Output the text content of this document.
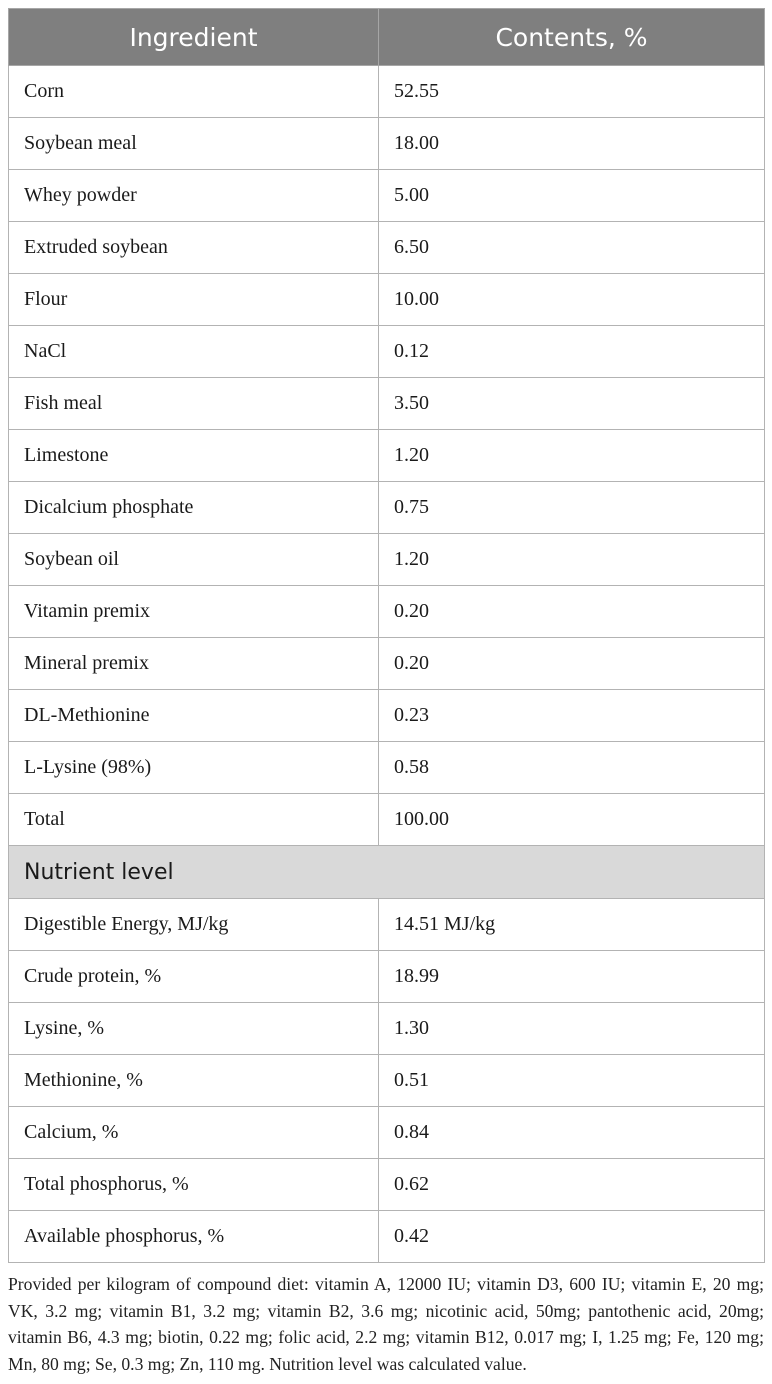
Ingredient	Contents, %
Corn	52.55
Soybean meal	18.00
Whey powder	5.00
Extruded soybean	6.50
Flour	10.00
NaCl	0.12
Fish meal	3.50
Limestone	1.20
Dicalcium phosphate	0.75
Soybean oil	1.20
Vitamin premix	0.20
Mineral premix	0.20
DL-Methionine	0.23
L-Lysine (98%)	0.58
Total	100.00
Nutrient level	
Digestible Energy, MJ/kg	14.51 MJ/kg
Crude protein, %	18.99
Lysine, %	1.30
Methionine, %	0.51
Calcium, %	0.84
Total phosphorus, %	0.62
Available phosphorus, %	0.42
Provided per kilogram of compound diet: vitamin A, 12000 IU; vitamin D3, 600 IU; vitamin E, 20 mg; VK, 3.2 mg; vitamin B1, 3.2 mg; vitamin B2, 3.6 mg; nicotinic acid, 50mg; pantothenic acid, 20mg; vitamin B6, 4.3 mg; biotin, 0.22 mg; folic acid, 2.2 mg; vitamin B12, 0.017 mg; I, 1.25 mg; Fe, 120 mg; Mn, 80 mg; Se, 0.3 mg; Zn, 110 mg. Nutrition level was calculated value.
